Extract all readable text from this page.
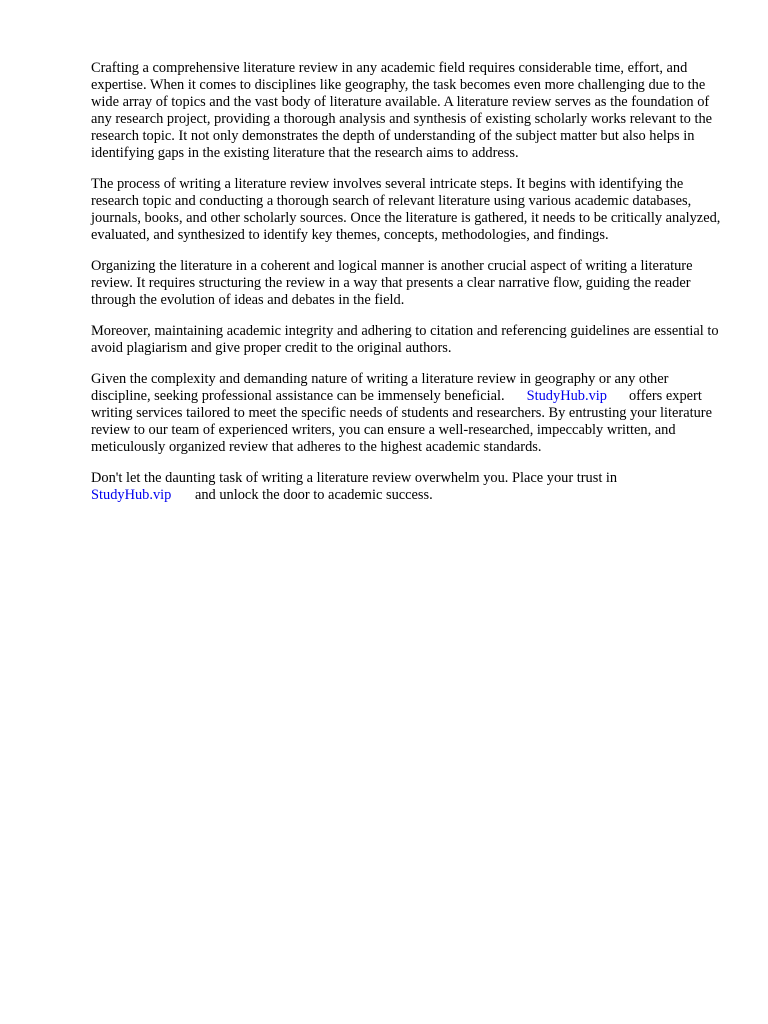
Crafting a comprehensive literature review in any academic field requires considerable time, effort, and expertise. When it comes to disciplines like geography, the task becomes even more challenging due to the wide array of topics and the vast body of literature available. A literature review serves as the foundation of any research project, providing a thorough analysis and synthesis of existing scholarly works relevant to the research topic. It not only demonstrates the depth of understanding of the subject matter but also helps in identifying gaps in the existing literature that the research aims to address.

The process of writing a literature review involves several intricate steps. It begins with identifying the research topic and conducting a thorough search of relevant literature using various academic databases, journals, books, and other scholarly sources. Once the literature is gathered, it needs to be critically analyzed, evaluated, and synthesized to identify key themes, concepts, methodologies, and findings.

Organizing the literature in a coherent and logical manner is another crucial aspect of writing a literature review. It requires structuring the review in a way that presents a clear narrative flow, guiding the reader through the evolution of ideas and debates in the field.

Moreover, maintaining academic integrity and adhering to citation and referencing guidelines are essential to avoid plagiarism and give proper credit to the original authors.

Given the complexity and demanding nature of writing a literature review in geography or any other discipline, seeking professional assistance can be immensely beneficial. StudyHub.vip offers expert writing services tailored to meet the specific needs of students and researchers. By entrusting your literature review to our team of experienced writers, you can ensure a well-researched, impeccably written, and meticulously organized review that adheres to the highest academic standards.

Don't let the daunting task of writing a literature review overwhelm you. Place your trust in
StudyHub.vip and unlock the door to academic success.
